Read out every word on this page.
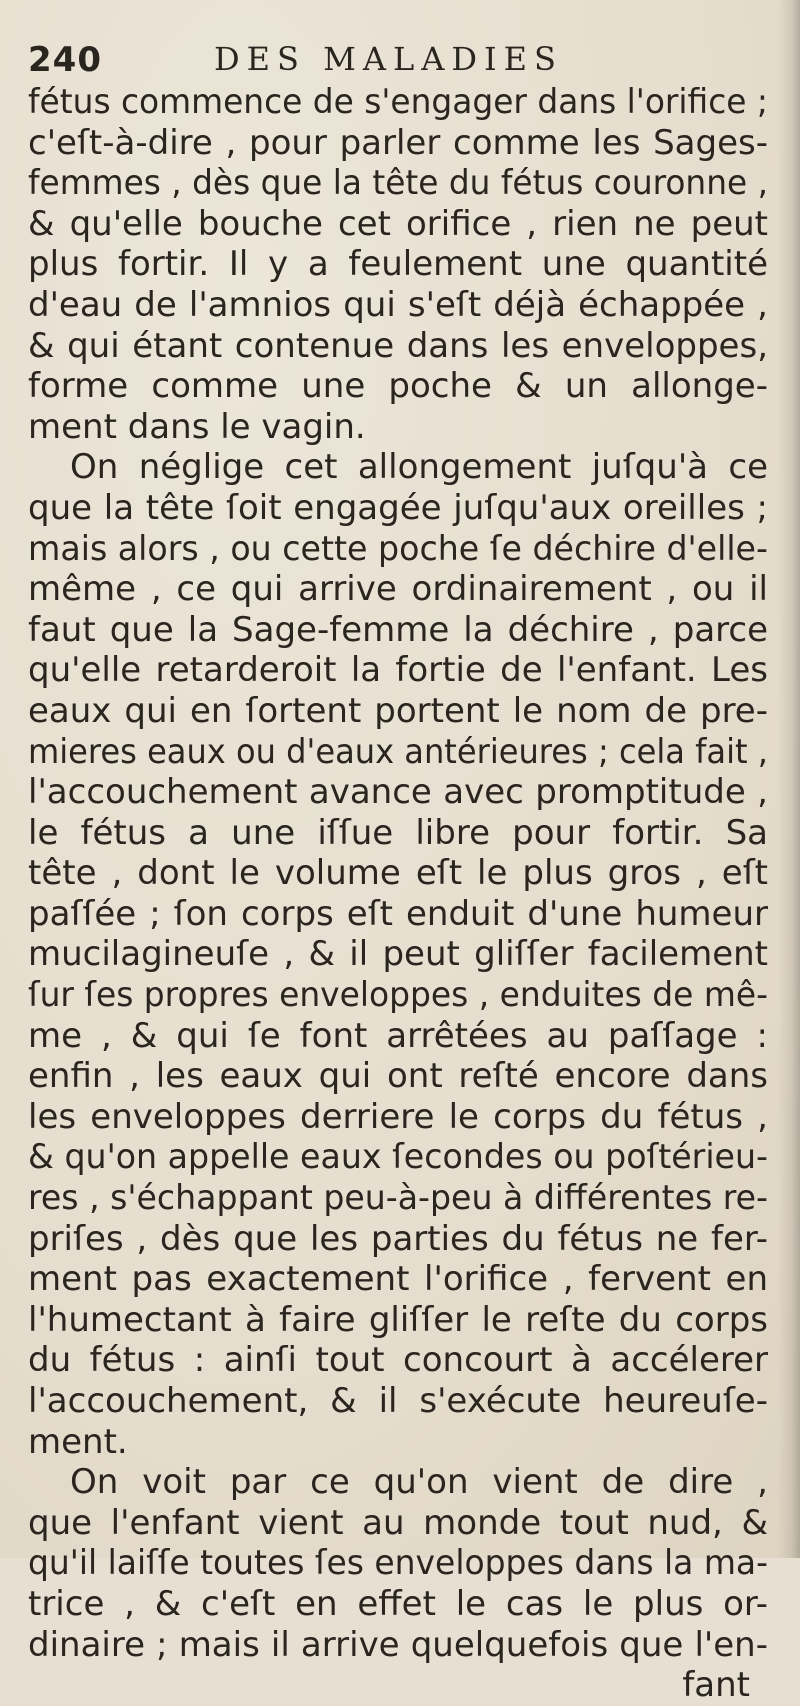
240	DES MALADIES
fétus commence de s'engager dans l'orifice ;
c'eſt-à-dire , pour parler comme les Sages-
femmes , dès que la tête du fétus couronne ,
& qu'elle bouche cet orifice , rien ne peut
plus fortir. Il y a feulement une quantité
d'eau de l'amnios qui s'eſt déjà échappée ,
& qui étant contenue dans les enveloppes,
forme comme une poche & un allonge-
ment dans le vagin.
On néglige cet allongement juſqu'à ce
que la tête ſoit engagée juſqu'aux oreilles ;
mais alors , ou cette poche ſe déchire d'elle-
même , ce qui arrive ordinairement , ou il
faut que la Sage-femme la déchire , parce
qu'elle retarderoit la fortie de l'enfant. Les
eaux qui en ſortent portent le nom de pre-
mieres eaux ou d'eaux antérieures ; cela fait ,
l'accouchement avance avec promptitude ,
le fétus a une iſſue libre pour fortir. Sa
tête , dont le volume eſt le plus gros , eſt
paſſée ; ſon corps eſt enduit d'une humeur
mucilagineuſe , & il peut gliſſer facilement
ſur ſes propres enveloppes , enduites de mê-
me , & qui ſe font arrêtées au paſſage :
enfin , les eaux qui ont reſté encore dans
les enveloppes derriere le corps du fétus ,
& qu'on appelle eaux ſecondes ou poſtérieu-
res , s'échappant peu-à-peu à différentes re-
priſes , dès que les parties du fétus ne fer-
ment pas exactement l'orifice , fervent en
l'humectant à faire gliſſer le reſte du corps
du fétus : ainſi tout concourt à accélerer
l'accouchement, & il s'exécute heureuſe-
ment.
On voit par ce qu'on vient de dire ,
que l'enfant vient au monde tout nud, &
qu'il laiſſe toutes ſes enveloppes dans la ma-
trice , & c'eſt en effet le cas le plus or-
dinaire ; mais il arrive quelquefois que l'en-
fant
